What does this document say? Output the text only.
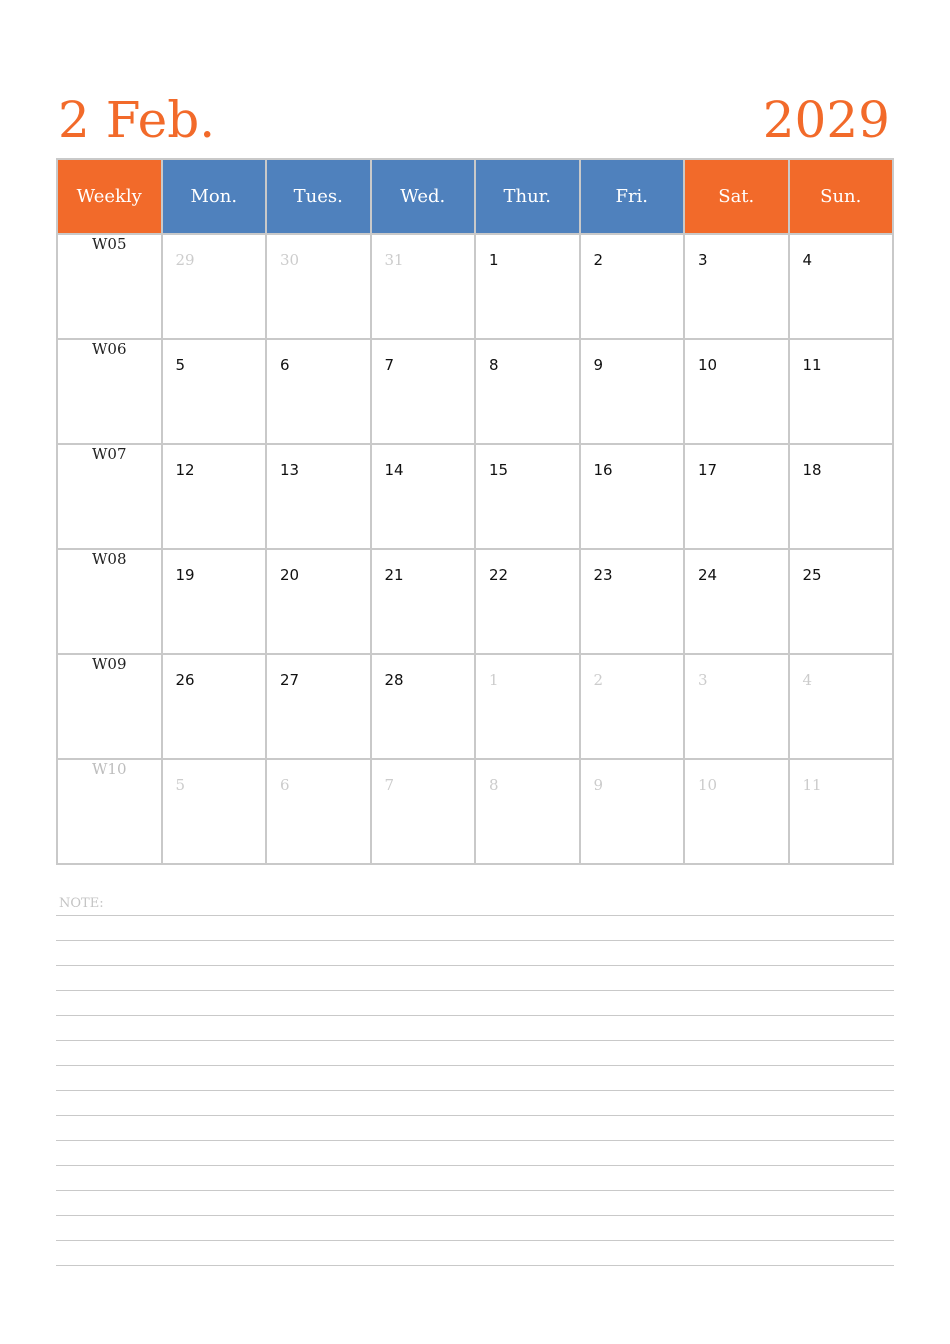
2 Feb.	2029
Weekly	Mon.	Tues.	Wed.	Thur.	Fri.	Sat.	Sun.
W05	29	30	31	1	2	3	4

W06	5	6	7	8	9	10	11

W07	12	13	14	15	16	17	18

W08	19	20	21	22	23	24	25

W09	26	27	28	1	2	3	4

W10	5	6	7	8	9	10	11
NOTE:
